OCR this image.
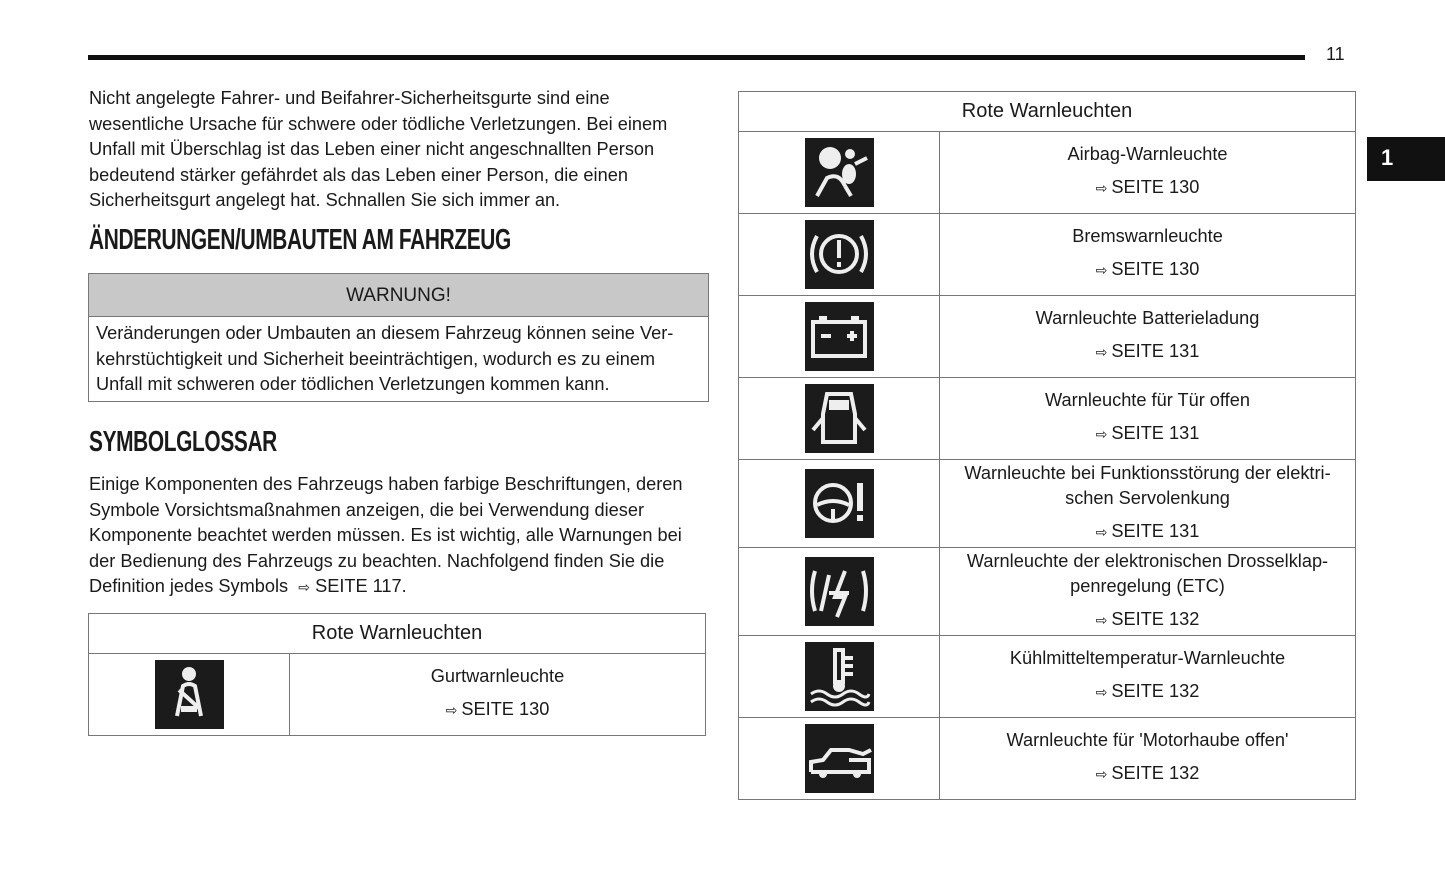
11
1
Nicht angelegte Fahrer- und Beifahrer-Sicherheitsgurte sind eine
wesentliche Ursache für schwere oder tödliche Verletzungen. Bei einem
Unfall mit Überschlag ist das Leben einer nicht angeschnallten Person
bedeutend stärker gefährdet als das Leben einer Person, die einen
Sicherheitsgurt angelegt hat. Schnallen Sie sich immer an.
ÄNDERUNGEN/UMBAUTEN AM FAHRZEUG
WARNUNG!
Veränderungen oder Umbauten an diesem Fahrzeug können seine Ver-
kehrstüchtigkeit und Sicherheit beeinträchtigen, wodurch es zu einem
Unfall mit schweren oder tödlichen Verletzungen kommen kann.
SYMBOLGLOSSAR
Einige Komponenten des Fahrzeugs haben farbige Beschriftungen, deren
Symbole Vorsichtsmaßnahmen anzeigen, die bei Verwendung dieser
Komponente beachtet werden müssen. Es ist wichtig, alle Warnungen bei
der Bedienung des Fahrzeugs zu beachten. Nachfolgend finden Sie die
Definition jedes Symbols ⇨ SEITE 117.
Rote Warnleuchten

Gurtwarnleuchte
⇨ SEITE 130
Rote Warnleuchten	

Airbag-Warnleuchte
⇨ SEITE 130

Bremswarnleuchte
⇨ SEITE 130

Warnleuchte Batterieladung
⇨ SEITE 131

Warnleuchte für Tür offen
⇨ SEITE 131

Warnleuchte bei Funktionsstörung der elektri-
schen Servolenkung
⇨ SEITE 131

Warnleuchte der elektronischen Drosselklap-
penregelung (ETC)
⇨ SEITE 132

Kühlmitteltemperatur-Warnleuchte
⇨ SEITE 132

Warnleuchte für 'Motorhaube offen'
⇨ SEITE 132
